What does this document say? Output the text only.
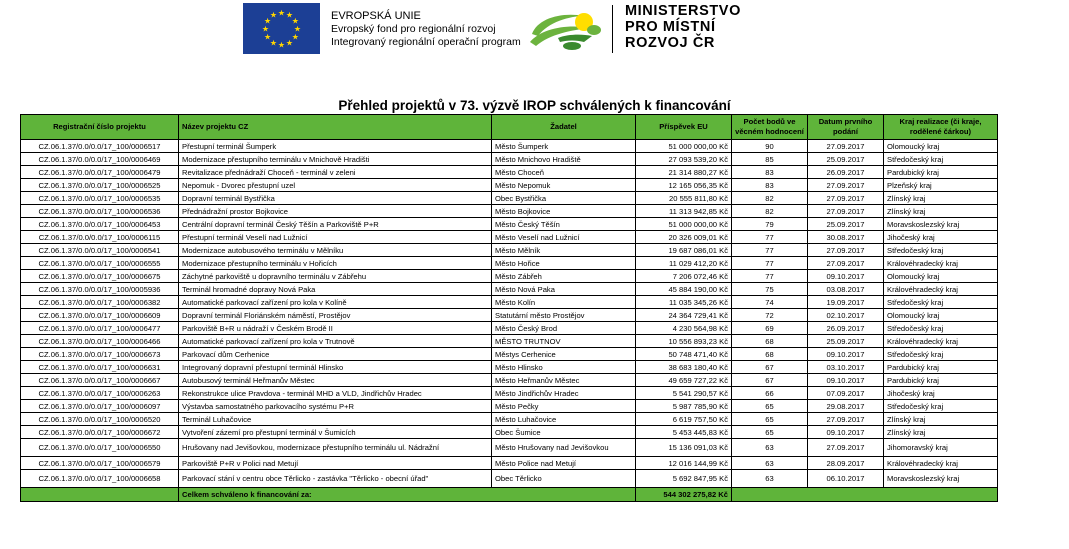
★ ★
★
★
★
★
★
★
★
★
★
★	EVROPSKÁ UNIE
Evropský fond pro regionální rozvoj
Integrovaný regionální operační program
MINISTERSTVO
PRO MÍSTNÍ
ROZVOJ ČR
Přehled projektů v 73. výzvě IROP schválených k financování
Registrační číslo projektu	Název projektu CZ	Žadatel	Příspěvek EU	Počet bodů ve věcném hodnocení	Datum prvního podání	Kraj realizace (či kraje, rodělené čárkou)
CZ.06.1.37/0.0/0.0/17_100/0006517	Přestupní terminál Šumperk	Město Šumperk	51 000 000,00 Kč	90	27.09.2017	Olomoucký kraj
CZ.06.1.37/0.0/0.0/17_100/0006469	Modernizace přestupního terminálu v Mnichově Hradišti	Město Mnichovo Hradiště	27 093 539,20 Kč	85	25.09.2017	Středočeský kraj
CZ.06.1.37/0.0/0.0/17_100/0006479	Revitalizace přednádraží Choceň - terminál v zeleni	Město Choceň	21 314 880,27 Kč	83	26.09.2017	Pardubický kraj
CZ.06.1.37/0.0/0.0/17_100/0006525	Nepomuk - Dvorec přestupní uzel	Město Nepomuk	12 165 056,35 Kč	83	27.09.2017	Plzeňský kraj
CZ.06.1.37/0.0/0.0/17_100/0006535	Dopravní terminál Bystřička	Obec Bystřička	20 555 811,80 Kč	82	27.09.2017	Zlínský kraj
CZ.06.1.37/0.0/0.0/17_100/0006536	Přednádražní prostor Bojkovice	Město Bojkovice	11 313 942,85 Kč	82	27.09.2017	Zlínský kraj
CZ.06.1.37/0.0/0.0/17_100/0006453	Centrální dopravní terminál Český Těšín a Parkoviště P+R	Město Český Těšín	51 000 000,00 Kč	79	25.09.2017	Moravskoslezský kraj
CZ.06.1.37/0.0/0.0/17_100/0006115	Přestupní terminál Veselí nad Lužnicí	Město Veselí nad Lužnicí	20 326 009,01 Kč	77	30.08.2017	Jihočeský kraj
CZ.06.1.37/0.0/0.0/17_100/0006541	Modernizace autobusového terminálu v Mělníku	Město Mělník	19 687 086,01 Kč	77	27.09.2017	Středočeský kraj
CZ.06.1.37/0.0/0.0/17_100/0006555	Modernizace přestupního terminálu v Hořicích	Město Hořice	11 029 412,20 Kč	77	27.09.2017	Královéhradecký kraj
CZ.06.1.37/0.0/0.0/17_100/0006675	Záchytné parkoviště u dopravního terminálu v Zábřehu	Město Zábřeh	7 206 072,46 Kč	77	09.10.2017	Olomoucký kraj
CZ.06.1.37/0.0/0.0/17_100/0005936	Terminál hromadné dopravy Nová Paka	Město Nová Paka	45 884 190,00 Kč	75	03.08.2017	Královéhradecký kraj
CZ.06.1.37/0.0/0.0/17_100/0006382	Automatické parkovací zařízení pro kola v Kolíně	Město Kolín	11 035 345,26 Kč	74	19.09.2017	Středočeský kraj
CZ.06.1.37/0.0/0.0/17_100/0006609	Dopravní terminál Floriánském náměstí, Prostějov	Statutární město Prostějov	24 364 729,41 Kč	72	02.10.2017	Olomoucký kraj
CZ.06.1.37/0.0/0.0/17_100/0006477	Parkoviště B+R u nádraží v Českém Brodě II	Město Český Brod	4 230 564,98 Kč	69	26.09.2017	Středočeský kraj
CZ.06.1.37/0.0/0.0/17_100/0006466	Automatické parkovací zařízení pro kola v Trutnově	MĚSTO TRUTNOV	10 556 893,23 Kč	68	25.09.2017	Královéhradecký kraj
CZ.06.1.37/0.0/0.0/17_100/0006673	Parkovací dům Cerhenice	Městys Cerhenice	50 748 471,40 Kč	68	09.10.2017	Středočeský kraj
CZ.06.1.37/0.0/0.0/17_100/0006631	Integrovaný dopravní přestupní terminál Hlinsko	Město Hlinsko	38 683 180,40 Kč	67	03.10.2017	Pardubický kraj
CZ.06.1.37/0.0/0.0/17_100/0006667	Autobusový terminál Heřmanův Městec	Město Heřmanův Městec	49 659 727,22 Kč	67	09.10.2017	Pardubický kraj
CZ.06.1.37/0.0/0.0/17_100/0006263	Rekonstrukce ulice Pravdova - terminál MHD a VLD, Jindřichův Hradec	Město Jindřichův Hradec	5 541 290,57 Kč	66	07.09.2017	Jihočeský kraj
CZ.06.1.37/0.0/0.0/17_100/0006097	Výstavba samostatného parkovacího systému P+R	Město Pečky	5 987 785,90 Kč	65	29.08.2017	Středočeský kraj
CZ.06.1.37/0.0/0.0/17_100/0006520	Terminál Luhačovice	Město Luhačovice	6 619 757,50 Kč	65	27.09.2017	Zlínský kraj
CZ.06.1.37/0.0/0.0/17_100/0006672	Vytvoření zázemí pro přestupní terminál v Šumicích	Obec Šumice	5 453 445,83 Kč	65	09.10.2017	Zlínský kraj
CZ.06.1.37/0.0/0.0/17_100/0006550	Hrušovany nad Jevišovkou, modernizace přestupního terminálu ul. Nádražní	Město Hrušovany nad Jevišovkou	15 136 091,03 Kč	63	27.09.2017	Jihomoravský kraj
CZ.06.1.37/0.0/0.0/17_100/0006579	Parkoviště P+R v Polici nad Metují	Město Police nad Metují	12 016 144,99 Kč	63	28.09.2017	Královéhradecký kraj
CZ.06.1.37/0.0/0.0/17_100/0006658	Parkovací stání v centru obce Těrlicko - zastávka "Těrlicko - obecní úřad"	Obec Těrlicko	5 692 847,95 Kč	63	06.10.2017	Moravskoslezský kraj
	Celkem schváleno k financování za:		544 302 275,82 Kč			
